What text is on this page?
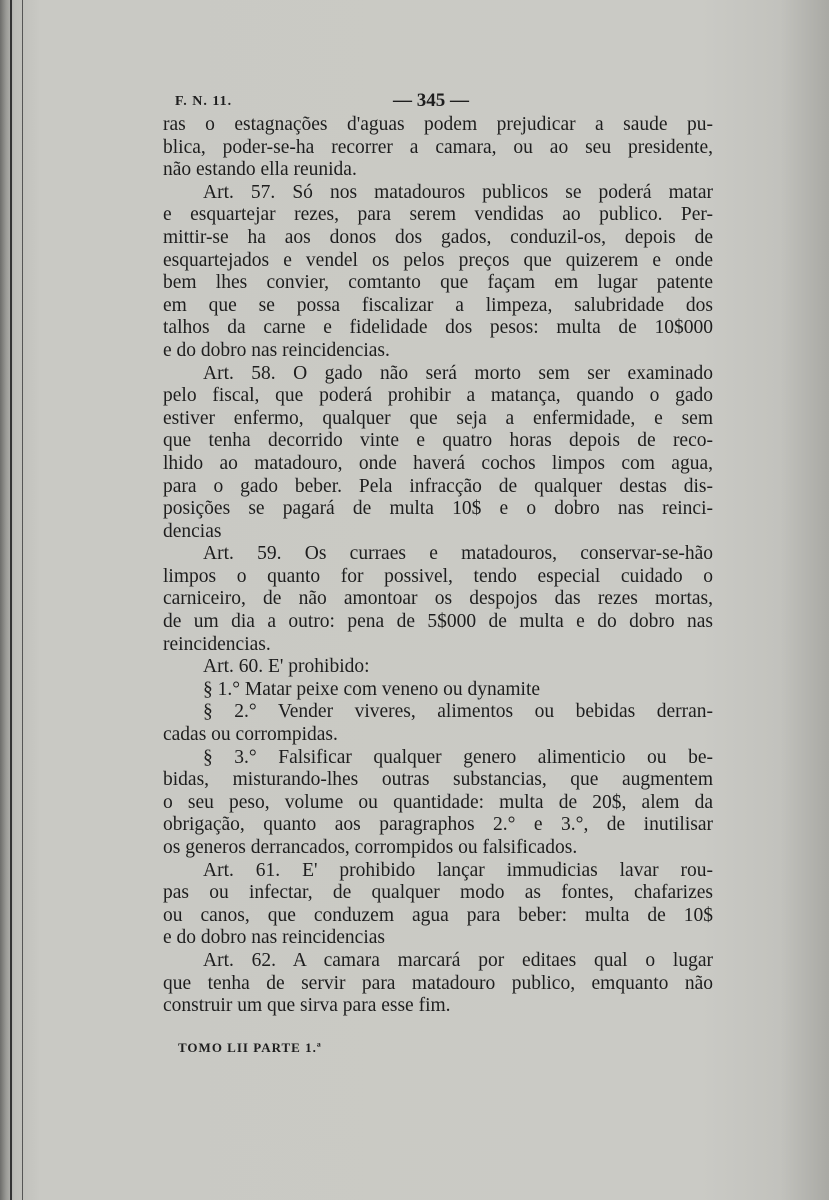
F. N. 11.	— 345 —
ras o estagnações d'aguas podem prejudicar a saude pu-
blica, poder-se-ha recorrer a camara, ou ao seu presidente,
não estando ella reunida.
Art. 57. Só nos matadouros publicos se poderá matar
e esquartejar rezes, para serem vendidas ao publico. Per-
mittir-se ha aos donos dos gados, conduzil-os, depois de
esquartejados e vendel os pelos preços que quizerem e onde
bem lhes convier, comtanto que façam em lugar patente
em que se possa fiscalizar a limpeza, salubridade dos
talhos da carne e fidelidade dos pesos: multa de 10$000
e do dobro nas reincidencias.
Art. 58. O gado não será morto sem ser examinado
pelo fiscal, que poderá prohibir a matança, quando o gado
estiver enfermo, qualquer que seja a enfermidade, e sem
que tenha decorrido vinte e quatro horas depois de reco-
lhido ao matadouro, onde haverá cochos limpos com agua,
para o gado beber. Pela infracção de qualquer destas dis-
posições se pagará de multa 10$ e o dobro nas reinci-
dencias
Art. 59. Os curraes e matadouros, conservar-se-hão
limpos o quanto for possivel, tendo especial cuidado o
carniceiro, de não amontoar os despojos das rezes mortas,
de um dia a outro: pena de 5$000 de multa e do dobro nas
reincidencias.
Art. 60. E' prohibido:
§ 1.° Matar peixe com veneno ou dynamite
§ 2.° Vender viveres, alimentos ou bebidas derran-
cadas ou corrompidas.
§ 3.° Falsificar qualquer genero alimenticio ou be-
bidas, misturando-lhes outras substancias, que augmentem
o seu peso, volume ou quantidade: multa de 20$, alem da
obrigação, quanto aos paragraphos 2.° e 3.°, de inutilisar
os generos derrancados, corrompidos ou falsificados.
Art. 61. E' prohibido lançar immudicias lavar rou-
pas ou infectar, de qualquer modo as fontes, chafarizes
ou canos, que conduzem agua para beber: multa de 10$
e do dobro nas reincidencias
Art. 62. A camara marcará por editaes qual o lugar
que tenha de servir para matadouro publico, emquanto não
construir um que sirva para esse fim.
TOMO LII PARTE 1.ª
